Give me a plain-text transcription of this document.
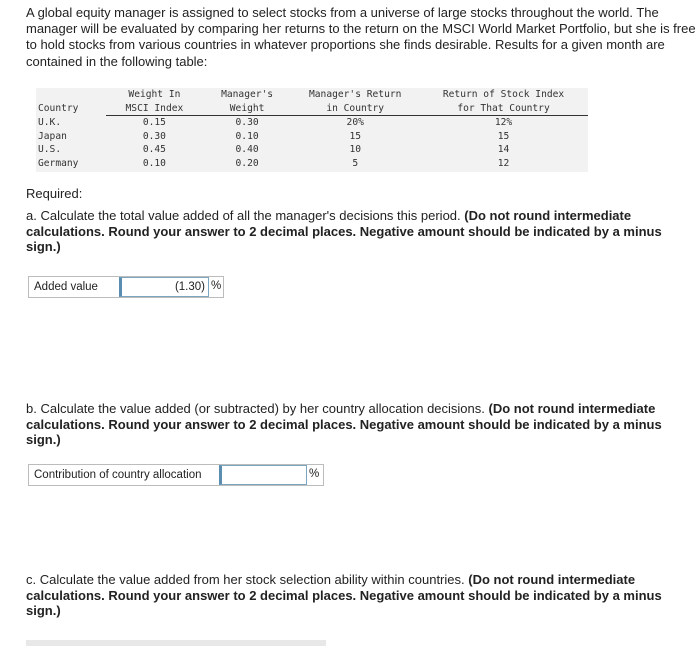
A global equity manager is assigned to select stocks from a universe of large stocks throughout the world. The manager will be evaluated by comparing her returns to the return on the MSCI World Market Portfolio, but she is free to hold stocks from various countries in whatever proportions she finds desirable. Results for a given month are contained in the following table:

	Weight In	Manager's	Manager's Return	Return of Stock Index
Country	MSCI Index	Weight	in Country	for That Country
U.K.	0.15	0.30	20%	12%
Japan	0.30	0.10	15	15
U.S.	0.45	0.40	10	14
Germany	0.10	0.20	5	12

Required:

a. Calculate the total value added of all the manager's decisions this period. (Do not round intermediate calculations. Round your answer to 2 decimal places. Negative amount should be indicated by a minus sign.)

Added value	(1.30) %

b. Calculate the value added (or subtracted) by her country allocation decisions. (Do not round intermediate calculations. Round your answer to 2 decimal places. Negative amount should be indicated by a minus sign.)

Contribution of country allocation	%

c. Calculate the value added from her stock selection ability within countries. (Do not round intermediate calculations. Round your answer to 2 decimal places. Negative amount should be indicated by a minus sign.)
